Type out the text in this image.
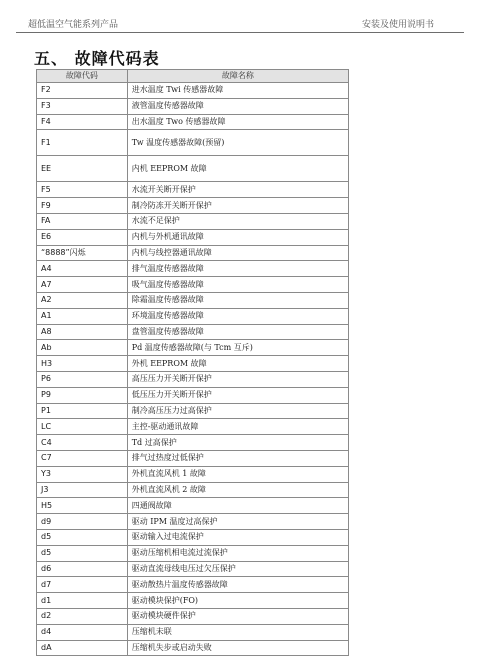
超低温空气能系列产品	安装及使用说明书
五、 故障代码表
故障代码	故障名称
F2	进水温度 Twi 传感器故障
F3	液管温度传感器故障
F4	出水温度 Two 传感器故障
F1	Tw 温度传感器故障(预留)
EE	内机 EEPROM 故障
F5	水流开关断开保护
F9	制冷防冻开关断开保护
FA	水流不足保护
E6	内机与外机通讯故障
“8888”闪烁	内机与线控器通讯故障
A4	排气温度传感器故障
A7	吸气温度传感器故障
A2	除霜温度传感器故障
A1	环境温度传感器故障
A8	盘管温度传感器故障
Ab	Pd 温度传感器故障(与 Tcm 互斥)
H3	外机 EEPROM 故障
P6	高压压力开关断开保护
P9	低压压力开关断开保护
P1	制冷高压压力过高保护
LC	主控-驱动通讯故障
C4	Td 过高保护
C7	排气过热度过低保护
Y3	外机直流风机 1 故障
J3	外机直流风机 2 故障
H5	四通阀故障
d9	驱动 IPM 温度过高保护
d5	驱动输入过电流保护
d5	驱动压缩机相电流过流保护
d6	驱动直流母线电压过欠压保护
d7	驱动散热片温度传感器故障
d1	驱动模块保护(FO)
d2	驱动模块硬件保护
d4	压缩机未联
dA	压缩机失步或启动失败
